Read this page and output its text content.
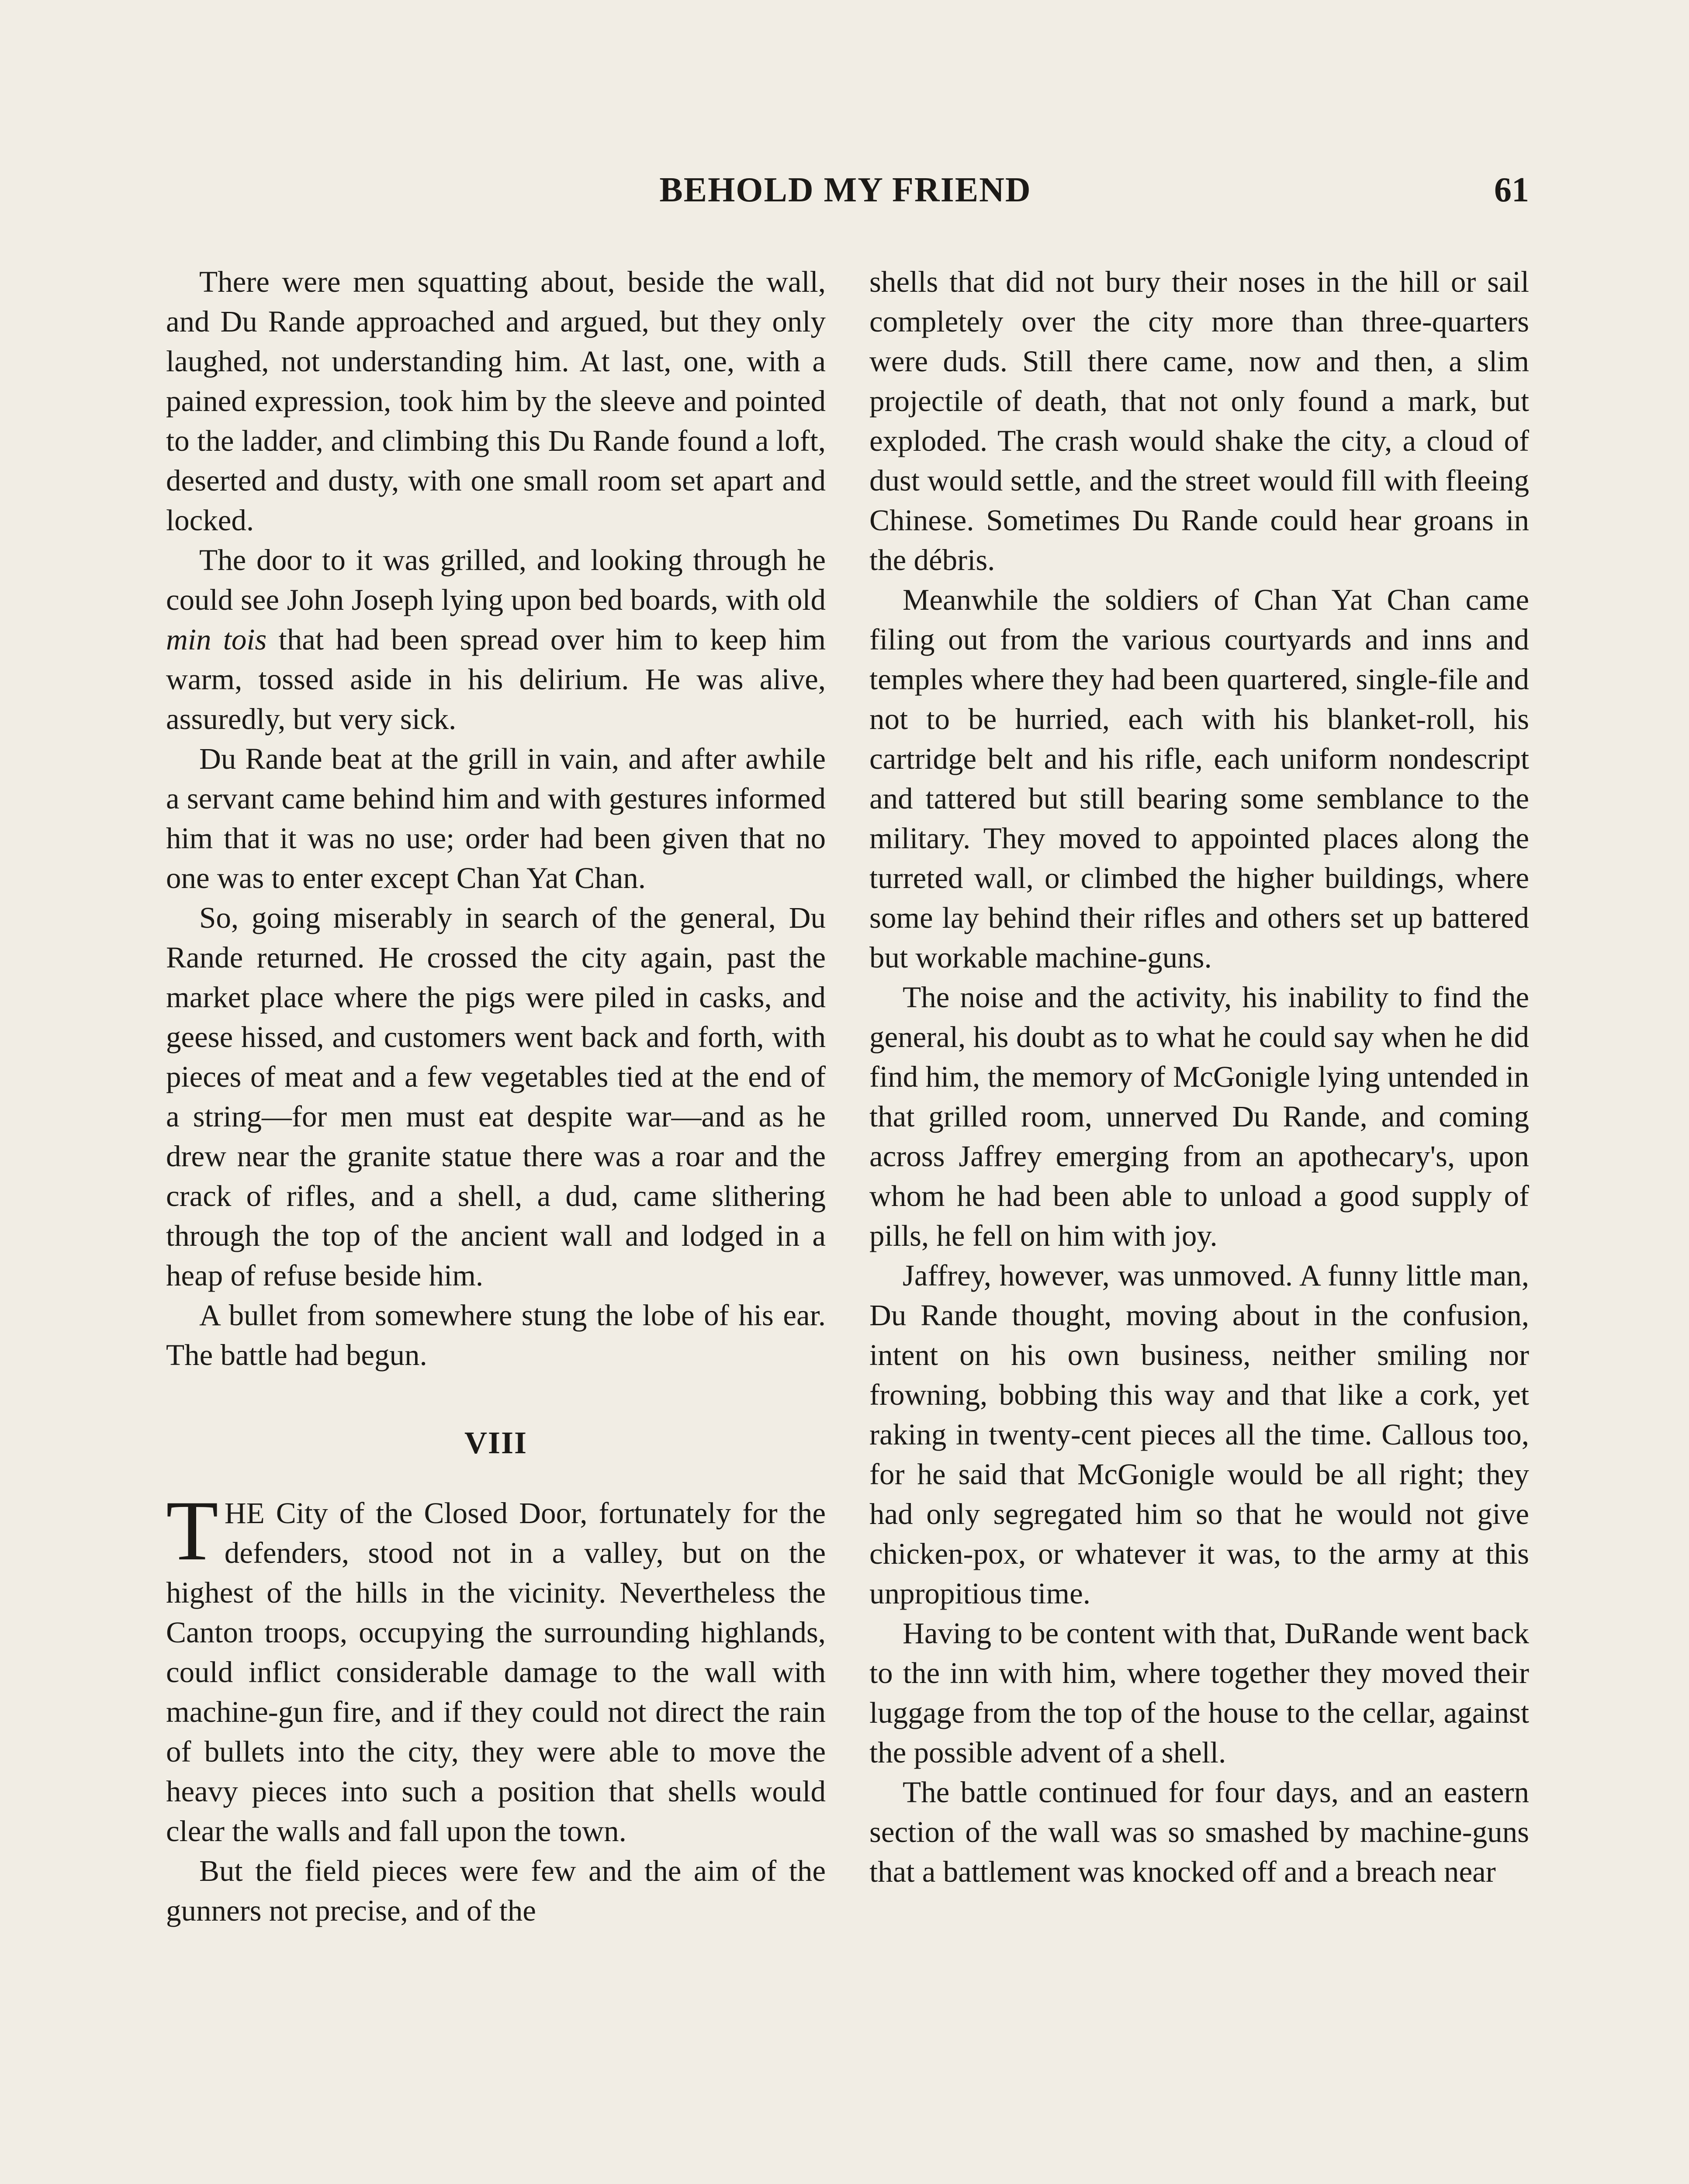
BEHOLD MY FRIEND	61

There were men squatting about, beside the wall, and Du Rande approached and argued, but they only laughed, not understanding him. At last, one, with a pained expression, took him by the sleeve and pointed to the ladder, and climbing this Du Rande found a loft, deserted and dusty, with one small room set apart and locked.

The door to it was grilled, and looking through he could see John Joseph lying upon bed boards, with old min tois that had been spread over him to keep him warm, tossed aside in his delirium. He was alive, assuredly, but very sick.

Du Rande beat at the grill in vain, and after awhile a servant came behind him and with gestures informed him that it was no use; order had been given that no one was to enter except Chan Yat Chan.

So, going miserably in search of the general, Du Rande returned. He crossed the city again, past the market place where the pigs were piled in casks, and geese hissed, and customers went back and forth, with pieces of meat and a few vegetables tied at the end of a string—for men must eat despite war—and as he drew near the granite statue there was a roar and the crack of rifles, and a shell, a dud, came slithering through the top of the ancient wall and lodged in a heap of refuse beside him.

A bullet from somewhere stung the lobe of his ear. The battle had begun.

VIII

THE City of the Closed Door, fortunately for the defenders, stood not in a valley, but on the highest of the hills in the vicinity. Nevertheless the Canton troops, occupying the surrounding highlands, could inflict considerable damage to the wall with machine-gun fire, and if they could not direct the rain of bullets into the city, they were able to move the heavy pieces into such a position that shells would clear the walls and fall upon the town.

But the field pieces were few and the aim of the gunners not precise, and of the

shells that did not bury their noses in the hill or sail completely over the city more than three-quarters were duds. Still there came, now and then, a slim projectile of death, that not only found a mark, but exploded. The crash would shake the city, a cloud of dust would settle, and the street would fill with fleeing Chinese. Sometimes Du Rande could hear groans in the débris.

Meanwhile the soldiers of Chan Yat Chan came filing out from the various courtyards and inns and temples where they had been quartered, single-file and not to be hurried, each with his blanket-roll, his cartridge belt and his rifle, each uniform nondescript and tattered but still bearing some semblance to the military. They moved to appointed places along the turreted wall, or climbed the higher buildings, where some lay behind their rifles and others set up battered but workable machine-guns.

The noise and the activity, his inability to find the general, his doubt as to what he could say when he did find him, the memory of McGonigle lying untended in that grilled room, unnerved Du Rande, and coming across Jaffrey emerging from an apothecary's, upon whom he had been able to unload a good supply of pills, he fell on him with joy.

Jaffrey, however, was unmoved. A funny little man, Du Rande thought, moving about in the confusion, intent on his own business, neither smiling nor frowning, bobbing this way and that like a cork, yet raking in twenty-cent pieces all the time. Callous too, for he said that McGonigle would be all right; they had only segregated him so that he would not give chicken-pox, or whatever it was, to the army at this unpropitious time.

Having to be content with that, DuRande went back to the inn with him, where together they moved their luggage from the top of the house to the cellar, against the possible advent of a shell.

The battle continued for four days, and an eastern section of the wall was so smashed by machine-guns that a battlement was knocked off and a breach near
